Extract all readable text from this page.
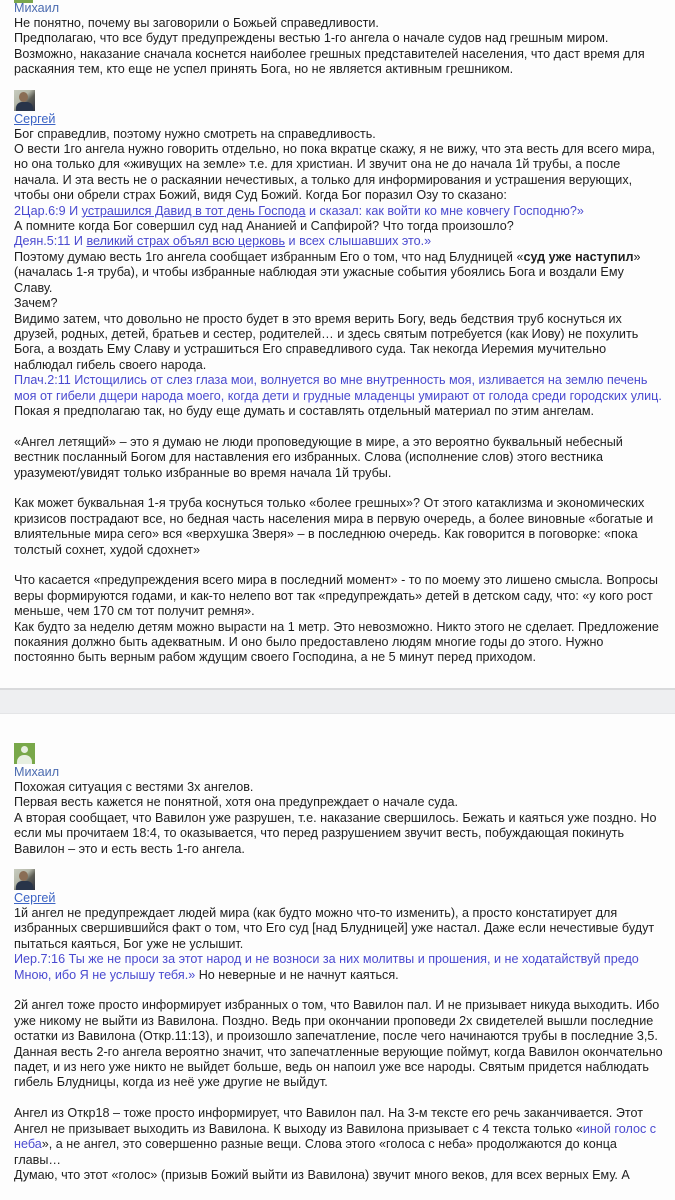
Михаил

Не понятно, почему вы заговорили о Божьей справедливости.

Предполагаю, что все будут предупреждены вестью 1-го ангела о начале судов над грешным миром.

Возможно, наказание сначала коснется наиболее грешных представителей населения, что даст время для раскаяния тем, кто еще не успел принять Бога, но не является активным грешником.

Сергей

Бог справедлив, поэтому нужно смотреть на справедливость.

О вести 1го ангела нужно говорить отдельно, но пока вкратце скажу, я не вижу, что эта весть для всего мира, но она только для «живущих на земле» т.е. для христиан. И звучит она не до начала 1й трубы, а после начала. И эта весть не о раскаянии нечестивых, а только для информирования и устрашения верующих, чтобы они обрели страх Божий, видя Суд Божий. Когда Бог поразил Озу то сказано:

2Цар.6:9 И устрашился Давид в тот день Господа и сказал: как войти ко мне ковчегу Господню?»

А помните когда Бог совершил суд над Ананией и Сапфирой? Что тогда произошло?

Деян.5:11 И великий страх объял всю церковь и всех слышавших это.»

Поэтому думаю весть 1го ангела сообщает избранным Его о том, что над Блудницей «суд уже наступил» (началась 1-я труба), и чтобы избранные наблюдая эти ужасные события убоялись Бога и воздали Ему Славу.

Зачем?

Видимо затем, что довольно не просто будет в это время верить Богу, ведь бедствия труб коснуться их друзей, родных, детей, братьев и сестер, родителей… и здесь святым потребуется (как Иову) не похулить Бога, а воздать Ему Славу и устрашиться Его справедливого суда. Так некогда Иеремия мучительно наблюдал гибель своего народа.

Плач.2:11 Истощились от слез глаза мои, волнуется во мне внутренность моя, изливается на землю печень моя от гибели дщери народа моего, когда дети и грудные младенцы умирают от голода среди городских улиц.

Покая я предполагаю так, но буду еще думать и составлять отдельный материал по этим ангелам.

«Ангел летящий» – это я думаю не люди проповедующие в мире, а это вероятно буквальный небесный вестник посланный Богом для наставления его избранных. Слова (исполнение слов) этого вестника уразумеют/увидят только избранные во время начала 1й трубы.

Как может буквальная 1-я труба коснуться только «более грешных»? От этого катаклизма и экономических кризисов пострадают все, но бедная часть населения мира в первую очередь, а более виновные «богатые и влиятельные мира сего» вся «верхушка Зверя» – в последнюю очередь. Как говорится в поговорке: «пока толстый сохнет, худой сдохнет»

Что касается «предупреждения всего мира в последний момент» - то по моему это лишено смысла. Вопросы веры формируются годами, и как-то нелепо вот так «предупреждать» детей в детском саду, что: «у кого рост меньше, чем 170 см тот получит ремня».

Как будто за неделю детям можно вырасти на 1 метр. Это невозможно. Никто этого не сделает. Предложение покаяния должно быть адекватным. И оно было предоставлено людям многие годы до этого. Нужно постоянно быть верным рабом ждущим своего Господина, а не 5 минут перед приходом.

Михаил

Похожая ситуация с вестями 3х ангелов.

Первая весть кажется не понятной, хотя она предупреждает о начале суда.

А вторая сообщает, что Вавилон уже разрушен, т.е. наказание свершилось. Бежать и каяться уже поздно. Но если мы прочитаем 18:4, то оказывается, что перед разрушением звучит весть, побуждающая покинуть Вавилон – это и есть весть 1-го ангела.

Сергей

1й ангел не предупреждает людей мира (как будто можно что-то изменить), а просто констатирует для избранных свершившийся факт о том, что Его суд [над Блудницей] уже настал. Даже если нечестивые будут пытаться каяться, Бог уже не услышит.

Иер.7:16 Ты же не проси за этот народ и не возноси за них молитвы и прошения, и не ходатайствуй предо Мною, ибо Я не услышу тебя.» Но неверные и не начнут каяться.

2й ангел тоже просто информирует избранных о том, что Вавилон пал. И не призывает никуда выходить. Ибо уже никому не выйти из Вавилона. Поздно. Ведь при окончании проповеди 2х свидетелей вышли последние остатки из Вавилона (Откр.11:13), и произошло запечатление, после чего начинаются трубы в последние 3,5.

Данная весть 2-го ангела вероятно значит, что запечатленные верующие поймут, когда Вавилон окончательно падет, и из него уже никто не выйдет больше, ведь он напоил уже все народы. Святым придется наблюдать гибель Блудницы, когда из неё уже другие не выйдут.

Ангел из Откр18 – тоже просто информирует, что Вавилон пал. На 3-м тексте его речь заканчивается. Этот Ангел не призывает выходить из Вавилона. К выходу из Вавилона призывает с 4 текста только «иной голос с неба», а не ангел, это совершенно разные вещи. Слова этого «голоса с неба» продолжаются до конца главы…

Думаю, что этот «голос» (призыв Божий выйти из Вавилона) звучит много веков, для всех верных Ему. А
